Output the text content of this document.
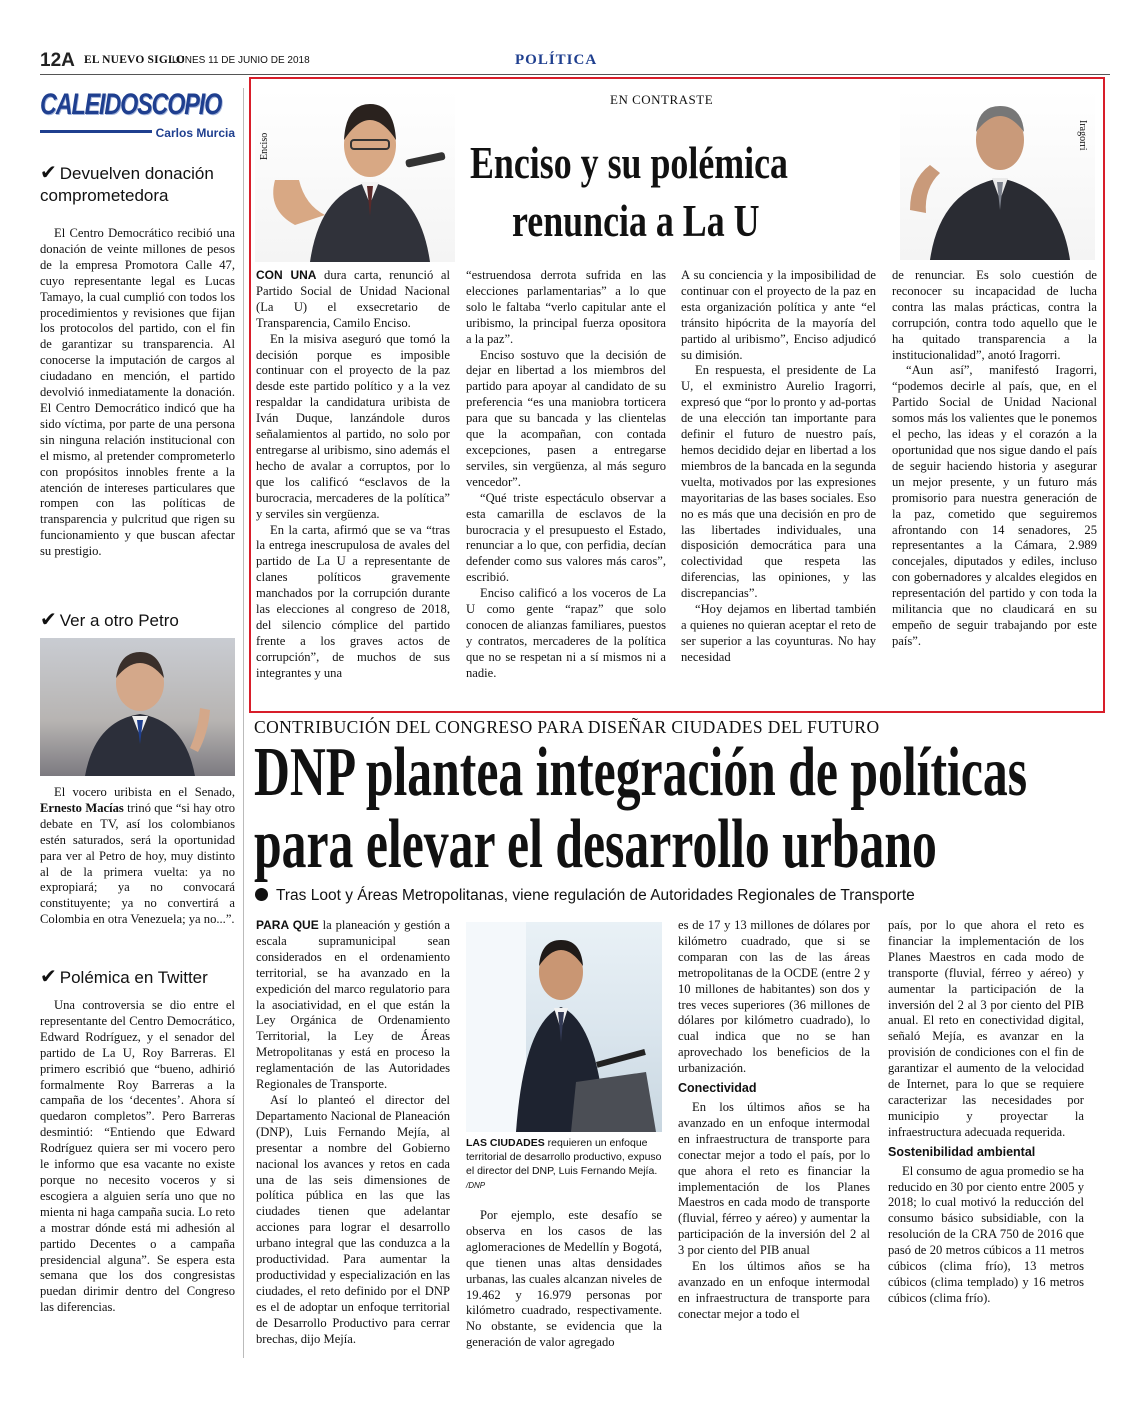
12A EL NUEVO SIGLO
LUNES 11 DE JUNIO DE 2018	POLÍTICA
CALEIDOSCOPIO
Carlos Murcia
✔ Devuelven donación
comprometedora

El Centro Democrático recibió una donación de veinte millones de pesos de la empresa Promotora Calle 47, cuyo representante legal es Lucas Tamayo, la cual cumplió con todos los procedimientos y revisiones que fijan los protocolos del partido, con el fin de garantizar su transparencia. Al conocerse la imputación de cargos al ciudadano en mención, el partido devolvió inmediatamente la donación. El Centro Democrático indicó que ha sido víctima, por parte de una persona sin ninguna relación institucional con el mismo, al pretender comprometerlo con propósitos innobles frente a la atención de intereses particulares que rompen con las políticas de transparencia y pulcritud que rigen su funcionamiento y que buscan afectar su prestigio.

✔ Ver a otro Petro

El vocero uribista en el Senado, Ernesto Macías trinó que “si hay otro debate en TV, así los colombianos estén saturados, será la oportunidad para ver al Petro de hoy, muy distinto al de la primera vuelta: ya no expropiará; ya no convocará constituyente; ya no convertirá a Colombia en otra Venezuela; ya no...”.

✔ Polémica en Twitter

Una controversia se dio entre el representante del Centro Democrático, Edward Rodríguez, y el senador del partido de La U, Roy Barreras. El primero escribió que “bueno, adhirió formalmente Roy Barreras a la campaña de los ‘decentes’. Ahora sí quedaron completos”. Pero Barreras desmintió: “Entiendo que Edward Rodríguez quiera ser mi vocero pero le informo que esa vacante no existe porque no necesito voceros y si escogiera a alguien sería uno que no mienta ni haga campaña sucia. Lo reto a mostrar dónde está mi adhesión al partido Decentes o a campaña presidencial alguna”. Se espera esta semana que los dos congresistas puedan dirimir dentro del Congreso las diferencias.

EN CONTRASTE
Enciso	Iragorri
Enciso y su polémica
renuncia a La U

CON UNA dura carta, renunció al Partido Social de Unidad Nacional (La U) el exsecretario de Transparencia, Camilo Enciso.

En la misiva aseguró que tomó la decisión porque es imposible continuar con el proyecto de la paz desde este partido político y a la vez respaldar la candidatura uribista de Iván Duque, lanzándole duros señalamientos al partido, no solo por entregarse al uribismo, sino además el hecho de avalar a corruptos, por lo que los calificó “esclavos de la burocracia, mercaderes de la política” y serviles sin vergüenza.

En la carta, afirmó que se va “tras la entrega inescrupulosa de avales del partido de La U a representante de clanes políticos gravemente manchados por la corrupción durante las elecciones al congreso de 2018, del silencio cómplice del partido frente a los graves actos de corrupción”, de muchos de sus integrantes y una

“estruendosa derrota sufrida en las elecciones parlamentarias” a lo que solo le faltaba “verlo capitular ante el uribismo, la principal fuerza opositora a la paz”.

Enciso sostuvo que la decisión de dejar en libertad a los miembros del partido para apoyar al candidato de su preferencia “es una maniobra torticera para que su bancada y las clientelas que la acompañan, con contada excepciones, pasen a entregarse serviles, sin vergüenza, al más seguro vencedor”.

“Qué triste espectáculo observar a esta camarilla de esclavos de la burocracia y el presupuesto el Estado, renunciar a lo que, con perfidia, decían defender como sus valores más caros”, escribió.

Enciso calificó a los voceros de La U como gente “rapaz” que solo conocen de alianzas familiares, puestos y contratos, mercaderes de la política que no se respetan ni a sí mismos ni a nadie.

A su conciencia y la imposibilidad de continuar con el proyecto de la paz en esta organización política y ante “el tránsito hipócrita de la mayoría del partido al uribismo”, Enciso adjudicó su dimisión.

En respuesta, el presidente de La U, el exministro Aurelio Iragorri, expresó que “por lo pronto y ad-portas de una elección tan importante para definir el futuro de nuestro país, hemos decidido dejar en libertad a los miembros de la bancada en la segunda vuelta, motivados por las expresiones mayoritarias de las bases sociales. Eso no es más que una decisión en pro de las libertades individuales, una disposición democrática para una colectividad que respeta las diferencias, las opiniones, y las discrepancias”.

“Hoy dejamos en libertad también a quienes no quieran aceptar el reto de ser superior a las coyunturas. No hay necesidad

de renunciar. Es solo cuestión de reconocer su incapacidad de lucha contra las malas prácticas, contra la corrupción, contra todo aquello que le ha quitado transparencia a la institucionalidad”, anotó Iragorri.

“Aun así”, manifestó Iragorri, “podemos decirle al país, que, en el Partido Social de Unidad Nacional somos más los valientes que le ponemos el pecho, las ideas y el corazón a la oportunidad que nos sigue dando el país de seguir haciendo historia y asegurar un mejor presente, y un futuro más promisorio para nuestra generación de la paz, cometido que seguiremos afrontando con 14 senadores, 25 representantes a la Cámara, 2.989 concejales, diputados y ediles, incluso con gobernadores y alcaldes elegidos en representación del partido y con toda la militancia que no claudicará en su empeño de seguir trabajando por este país”.

CONTRIBUCIÓN DEL CONGRESO PARA DISEÑAR CIUDADES DEL FUTURO
DNP plantea integración de políticas
para elevar el desarrollo urbano
Tras Loot y Áreas Metropolitanas, viene regulación de Autoridades Regionales de Transporte

PARA QUE la planeación y gestión a escala supramunicipal sean considerados en el ordenamiento territorial, se ha avanzado en la expedición del marco regulatorio para la asociatividad, en el que están la Ley Orgánica de Ordenamiento Territorial, la Ley de Áreas Metropolitanas y está en proceso la reglamentación de las Autoridades Regionales de Transporte.

Así lo planteó el director del Departamento Nacional de Planeación (DNP), Luis Fernando Mejía, al presentar a nombre del Gobierno nacional los avances y retos en cada una de las seis dimensiones de política pública en las que las ciudades tienen que adelantar acciones para lograr el desarrollo urbano integral que las conduzca a la productividad. Para aumentar la productividad y especialización en las ciudades, el reto definido por el DNP es el de adoptar un enfoque territorial de Desarrollo Productivo para cerrar brechas, dijo Mejía.

LAS CIUDADES requieren un enfoque territorial de desarrollo productivo, expuso el director del DNP, Luis Fernando Mejía. /DNP

Por ejemplo, este desafío se observa en los casos de las aglomeraciones de Medellín y Bogotá, que tienen unas altas densidades urbanas, las cuales alcanzan niveles de 19.462 y 16.979 personas por kilómetro cuadrado, respectivamente. No obstante, se evidencia que la generación de valor agregado

es de 17 y 13 millones de dólares por kilómetro cuadrado, que si se comparan con las de las áreas metropolitanas de la OCDE (entre 2 y 10 millones de habitantes) son dos y tres veces superiores (36 millones de dólares por kilómetro cuadrado), lo cual indica que no se han aprovechado los beneficios de la urbanización.

Conectividad

En los últimos años se ha avanzado en un enfoque intermodal en infraestructura de transporte para conectar mejor a todo el país, por lo que ahora el reto es financiar la implementación de los Planes Maestros en cada modo de transporte (fluvial, férreo y aéreo) y aumentar la participación de la inversión del 2 al 3 por ciento del PIB anual

En los últimos años se ha avanzado en un enfoque intermodal en infraestructura de transporte para conectar mejor a todo el

país, por lo que ahora el reto es financiar la implementación de los Planes Maestros en cada modo de transporte (fluvial, férreo y aéreo) y aumentar la participación de la inversión del 2 al 3 por ciento del PIB anual. El reto en conectividad digital, señaló Mejía, es avanzar en la provisión de condiciones con el fin de garantizar el aumento de la velocidad de Internet, para lo que se requiere caracterizar las necesidades por municipio y proyectar la infraestructura adecuada requerida.

Sostenibilidad ambiental

El consumo de agua promedio se ha reducido en 30 por ciento entre 2005 y 2018; lo cual motivó la reducción del consumo básico subsidiable, con la resolución de la CRA 750 de 2016 que pasó de 20 metros cúbicos a 11 metros cúbicos (clima frío), 13 metros cúbicos (clima templado) y 16 metros cúbicos (clima frío).
